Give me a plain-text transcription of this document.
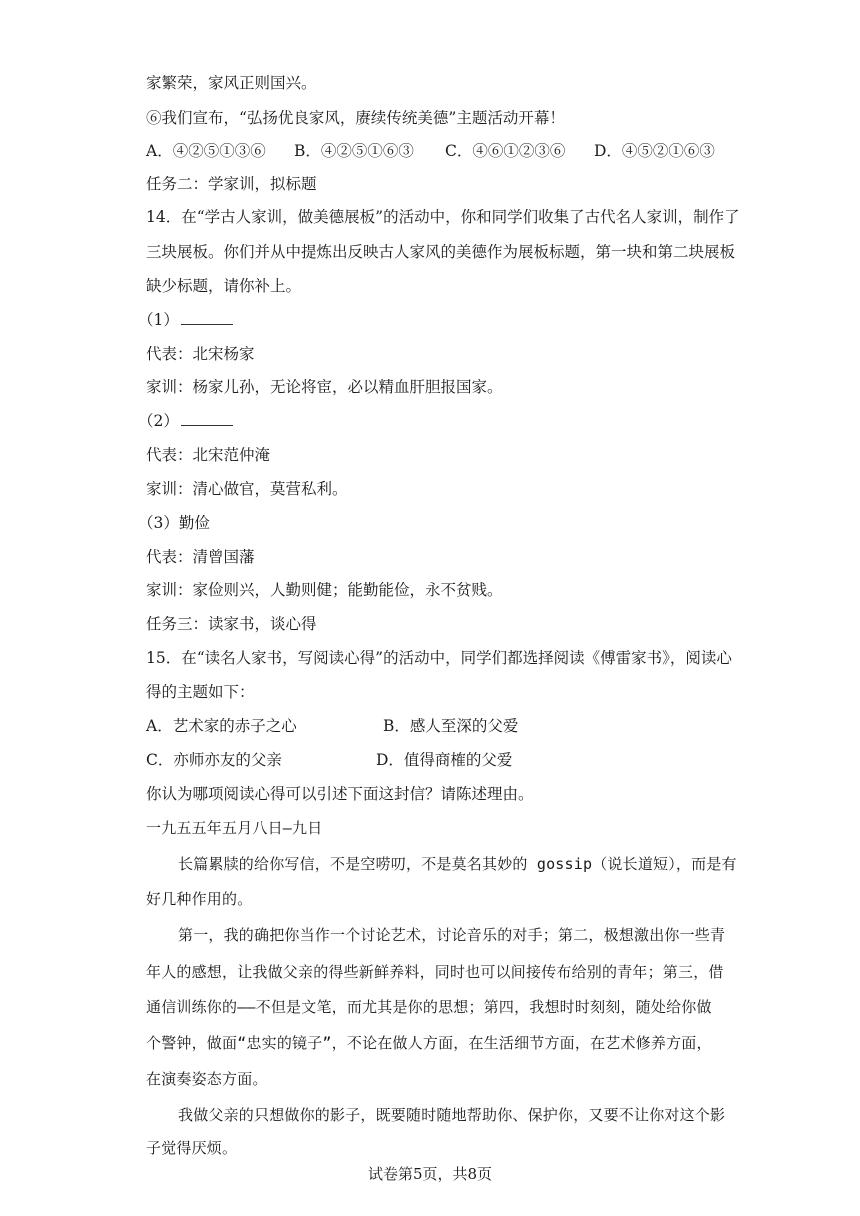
家繁荣，家风正则国兴。
⑥我们宣布，“弘扬优良家风，赓续传统美德”主题活动开幕！
A．④②⑤①③⑥ B．④②⑤①⑥③ C．④⑥①②③⑥ D．④⑤②①⑥③
任务二：学家训，拟标题
14．在“学古人家训，做美德展板”的活动中，你和同学们收集了古代名人家训，制作了
三块展板。你们并从中提炼出反映古人家风的美德作为展板标题，第一块和第二块展板
缺少标题，请你补上。
（1）
代表：北宋杨家
家训：杨家儿孙，无论将宦，必以精血肝胆报国家。
（2）
代表：北宋范仲淹
家训：清心做官，莫营私利。
（3）勤俭
代表：清曾国藩
家训：家俭则兴，人勤则健；能勤能俭，永不贫贱。
任务三：读家书，谈心得
15．在“读名人家书，写阅读心得”的活动中，同学们都选择阅读《傅雷家书》，阅读心
得的主题如下：
A．艺术家的赤子之心	B．感人至深的父爱
C．亦师亦友的父亲	D．值得商榷的父爱
你认为哪项阅读心得可以引述下面这封信？请陈述理由。
一九五五年五月八日—九日
长篇累牍的给你写信，不是空唠叨，不是莫名其妙的 gossip（说长道短），而是有
好几种作用的。
第一，我的确把你当作一个讨论艺术，讨论音乐的对手；第二，极想激出你一些青
年人的感想，让我做父亲的得些新鲜养料，同时也可以间接传布给别的青年；第三，借
通信训练你的——不但是文笔，而尤其是你的思想；第四，我想时时刻刻，随处给你做
个警钟，做面“忠实的镜子”，不论在做人方面，在生活细节方面，在艺术修养方面，
在演奏姿态方面。
我做父亲的只想做你的影子，既要随时随地帮助你、保护你，又要不让你对这个影
子觉得厌烦。
试卷第5页，共8页
